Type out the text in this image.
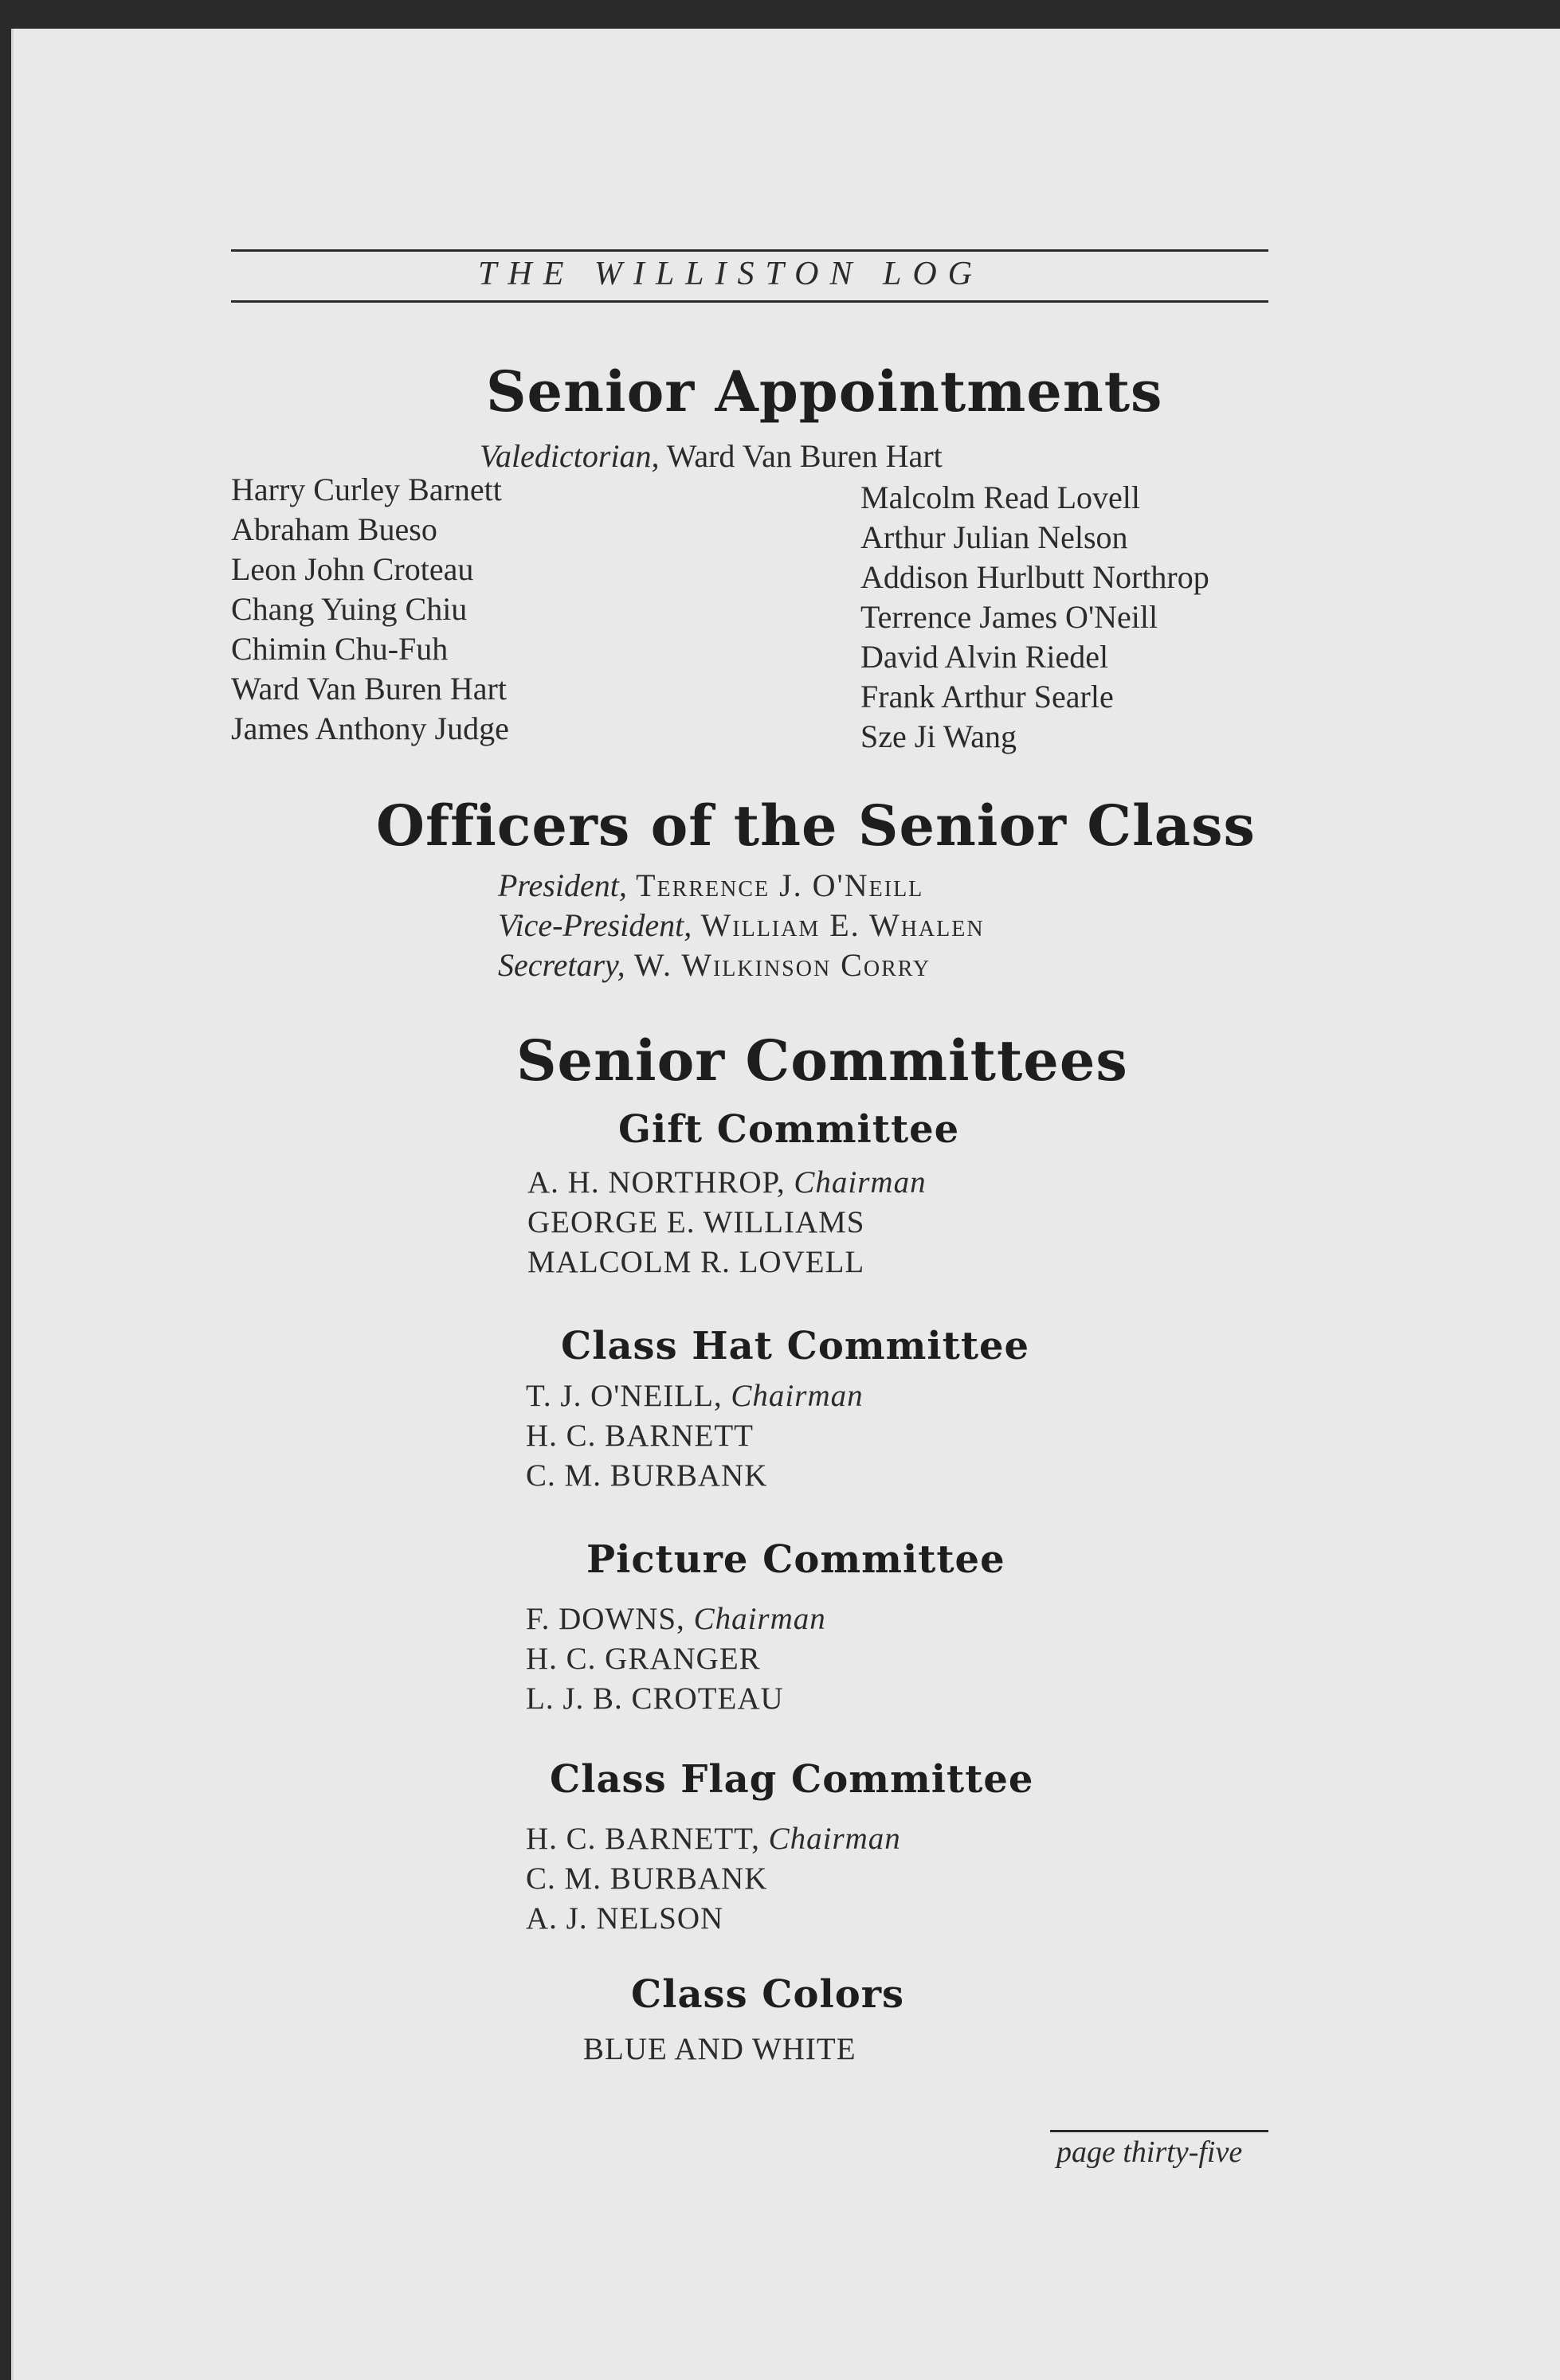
THE WILLISTON LOG
Senior Appointments
Valedictorian, Ward Van Buren Hart
Harry Curley Barnett
Abraham Bueso
Leon John Croteau
Chang Yuing Chiu
Chimin Chu-Fuh
Ward Van Buren Hart
James Anthony Judge
Malcolm Read Lovell
Arthur Julian Nelson
Addison Hurlbutt Northrop
Terrence James O'Neill
David Alvin Riedel
Frank Arthur Searle
Sze Ji Wang
Officers of the Senior Class
President, Terrence J. O'Neill
Vice-President, William E. Whalen
Secretary, W. Wilkinson Corry
Senior Committees
Gift Committee
A. H. NORTHROP, Chairman
GEORGE E. WILLIAMS
MALCOLM R. LOVELL
Class Hat Committee
T. J. O'NEILL, Chairman
H. C. BARNETT
C. M. BURBANK
Picture Committee
F. DOWNS, Chairman
H. C. GRANGER
L. J. B. CROTEAU
Class Flag Committee
H. C. BARNETT, Chairman
C. M. BURBANK
A. J. NELSON
Class Colors
BLUE AND WHITE
page thirty-five
